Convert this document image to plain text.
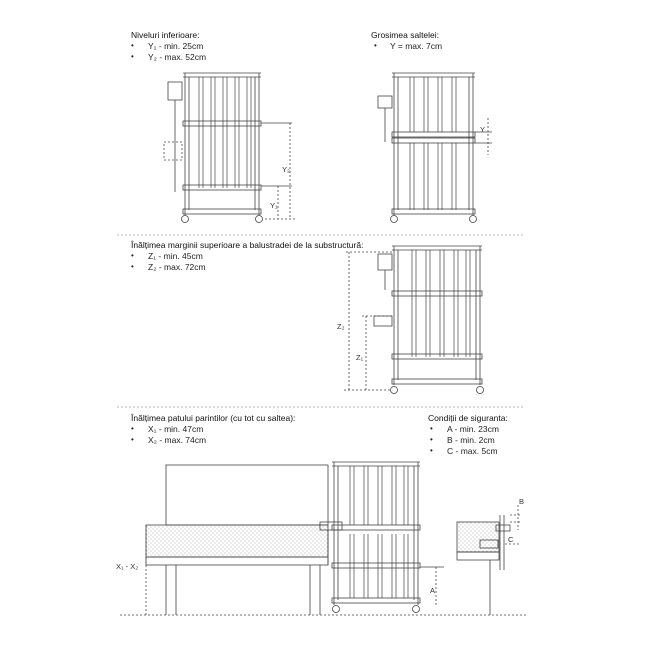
Niveluri inferioare:
• Y₁ - min. 25cm
• Y₂ - max. 52cm
Grosimea saltelei:
• Y = max. 7cm
Înălțimea marginii superioare a balustradei de la substructură:
• Z₁ - min. 45cm
• Z₂ - max. 72cm
Înălțimea patului parintilor (cu tot cu saltea):
• X₁ - min. 47cm
• X₂ - max. 74cm
Condiții de siguranta:
• A - min. 23cm
• B - min. 2cm
• C - max. 5cm
Y₂
Y₁
Y
Z₂
Z₁
X₁ - X₂
A
B
C
